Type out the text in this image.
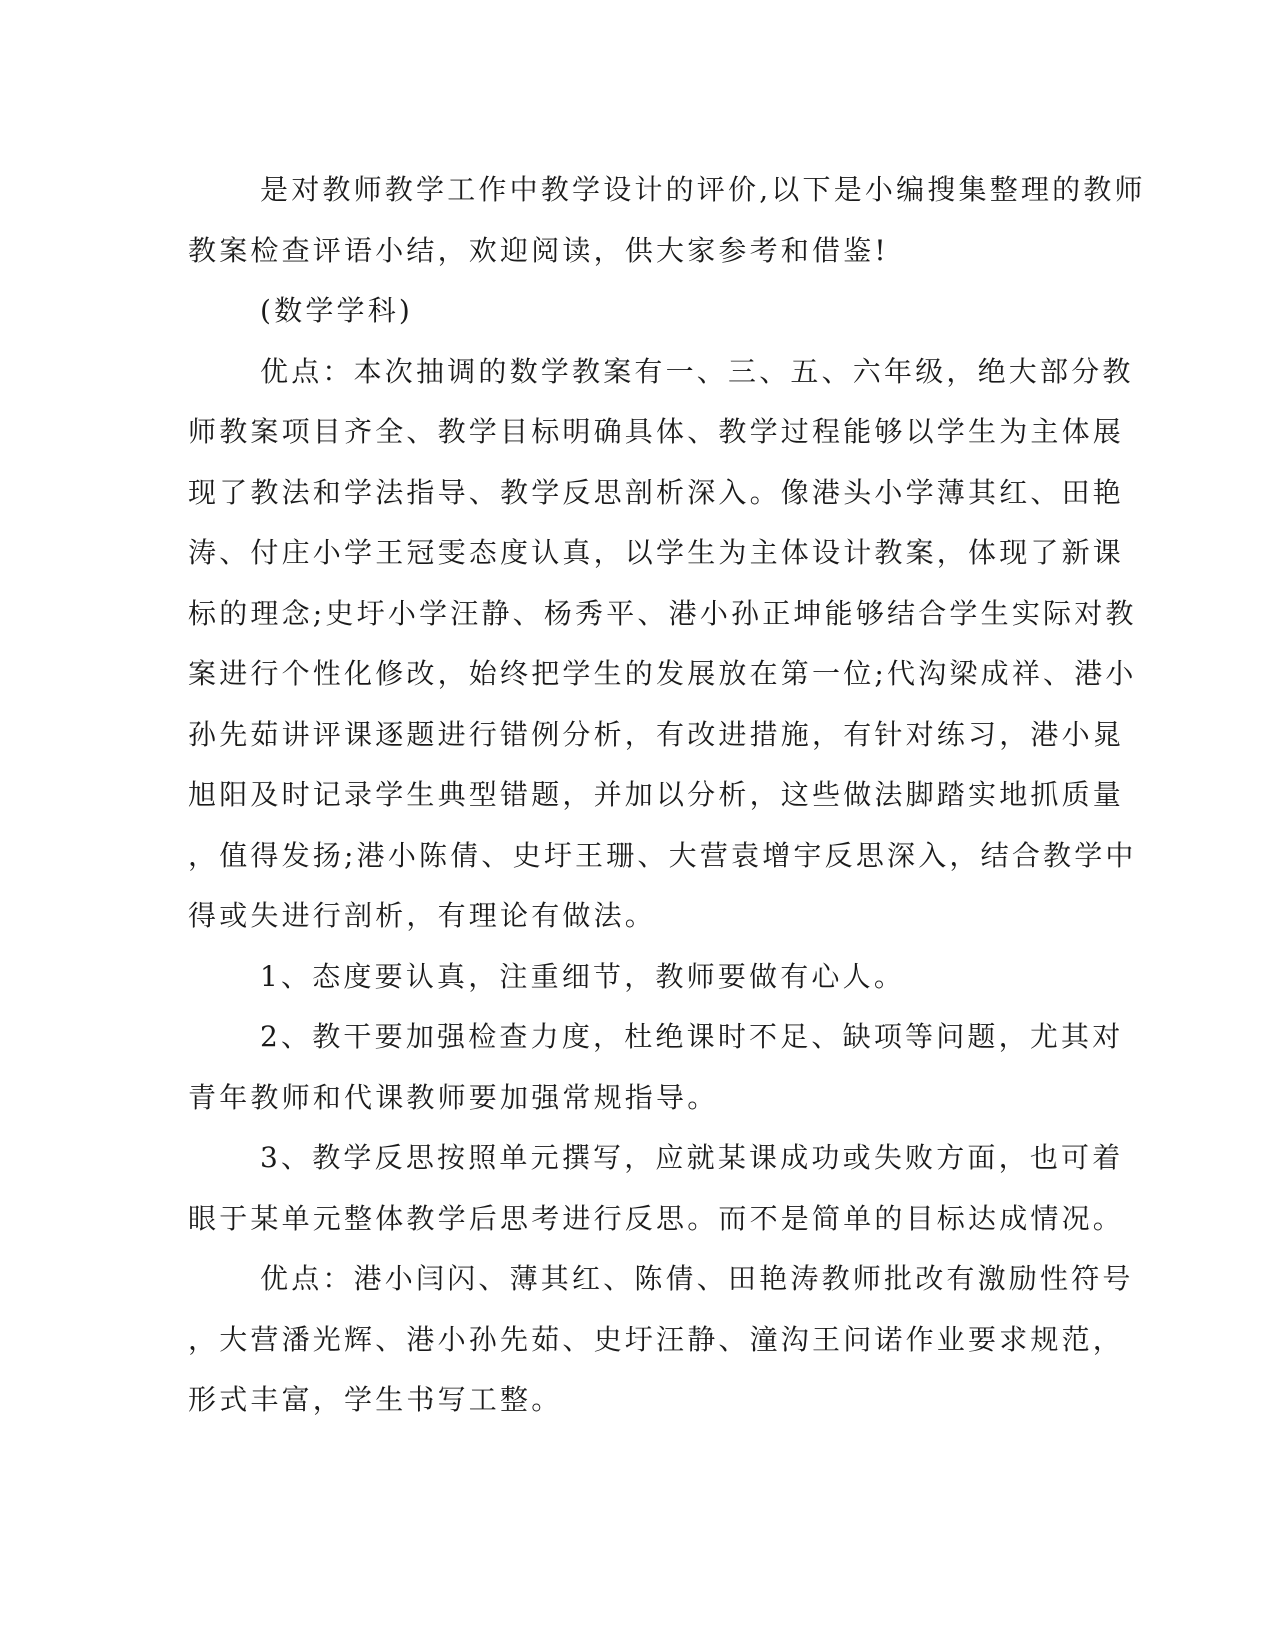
是对教师教学工作中教学设计的评价,以下是小编搜集整理的教师
教案检查评语小结，欢迎阅读，供大家参考和借鉴!
(数学学科)
优点：本次抽调的数学教案有一、三、五、六年级，绝大部分教
师教案项目齐全、教学目标明确具体、教学过程能够以学生为主体展
现了教法和学法指导、教学反思剖析深入。像港头小学薄其红、田艳
涛、付庄小学王冠雯态度认真，以学生为主体设计教案，体现了新课
标的理念;史圩小学汪静、杨秀平、港小孙正坤能够结合学生实际对教
案进行个性化修改，始终把学生的发展放在第一位;代沟梁成祥、港小
孙先茹讲评课逐题进行错例分析，有改进措施，有针对练习，港小晁
旭阳及时记录学生典型错题，并加以分析，这些做法脚踏实地抓质量
，值得发扬;港小陈倩、史圩王珊、大营袁增宇反思深入，结合教学中
得或失进行剖析，有理论有做法。
1、态度要认真，注重细节，教师要做有心人。
2、教干要加强检查力度，杜绝课时不足、缺项等问题，尤其对
青年教师和代课教师要加强常规指导。
3、教学反思按照单元撰写，应就某课成功或失败方面，也可着
眼于某单元整体教学后思考进行反思。而不是简单的目标达成情况。
优点：港小闫闪、薄其红、陈倩、田艳涛教师批改有激励性符号
，大营潘光辉、港小孙先茹、史圩汪静、潼沟王问诺作业要求规范，
形式丰富，学生书写工整。
